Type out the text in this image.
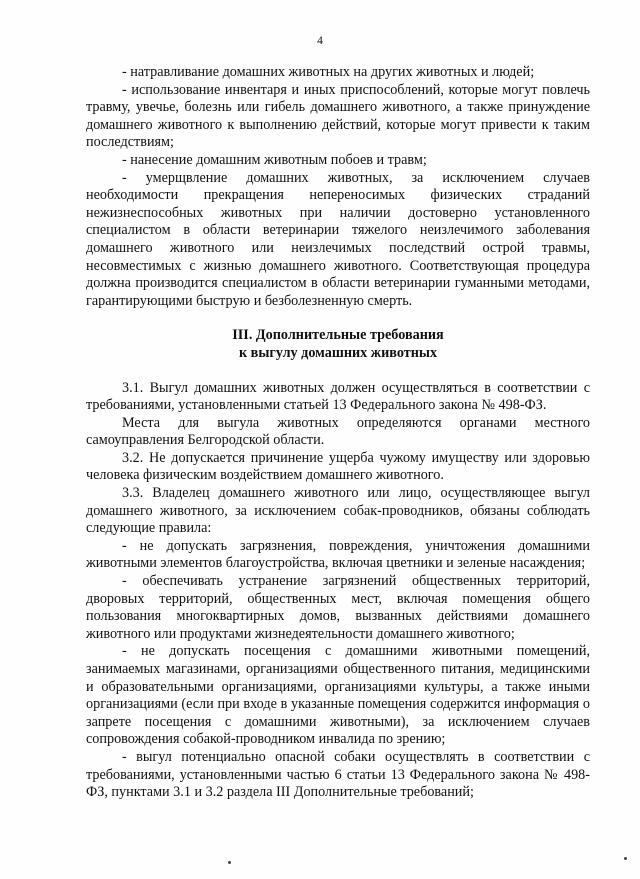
4

- натравливание домашних животных на других животных и людей;

- использование инвентаря и иных приспособлений, которые могут повлечь травму, увечье, болезнь или гибель домашнего животного, а также принуждение домашнего животного к выполнению действий, которые могут привести к таким последствиям;

- нанесение домашним животным побоев и травм;

- умерщвление домашних животных, за исключением случаев необходимости прекращения непереносимых физических страданий нежизнеспособных животных при наличии достоверно установленного специалистом в области ветеринарии тяжелого неизлечимого заболевания домашнего животного или неизлечимых последствий острой травмы, несовместимых с жизнью домашнего животного. Соответствующая процедура должна производится специалистом в области ветеринарии гуманными методами, гарантирующими быструю и безболезненную смерть.

III. Дополнительные требования
к выгулу домашних животных

3.1. Выгул домашних животных должен осуществляться в соответствии с требованиями, установленными статьей 13 Федерального закона № 498-ФЗ.

Места для выгула животных определяются органами местного самоуправления Белгородской области.

3.2. Не допускается причинение ущерба чужому имуществу или здоровью человека физическим воздействием домашнего животного.

3.3. Владелец домашнего животного или лицо, осуществляющее выгул домашнего животного, за исключением собак-проводников, обязаны соблюдать следующие правила:

- не допускать загрязнения, повреждения, уничтожения домашними животными элементов благоустройства, включая цветники и зеленые насаждения;

- обеспечивать устранение загрязнений общественных территорий, дворовых территорий, общественных мест, включая помещения общего пользования многоквартирных домов, вызванных действиями домашнего животного или продуктами жизнедеятельности домашнего животного;

- не допускать посещения с домашними животными помещений, занимаемых магазинами, организациями общественного питания, медицинскими и образовательными организациями, организациями культуры, а также иными организациями (если при входе в указанные помещения содержится информация о запрете посещения с домашними животными), за исключением случаев сопровождения собакой-проводником инвалида по зрению;

- выгул потенциально опасной собаки осуществлять в соответствии с требованиями, установленными частью 6 статьи 13 Федерального закона № 498-ФЗ, пунктами 3.1 и 3.2 раздела III Дополнительные требований;
